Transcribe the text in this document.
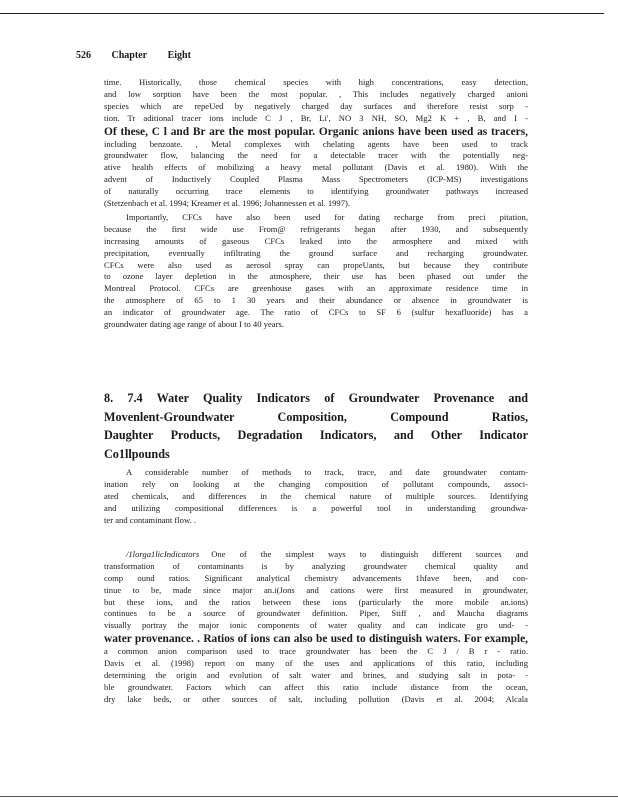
526 Chapter Eight
time. Historically, those chemical species with high concentrations, easy detection,
and low sorption have been the most popular. , This includes negatively charged anioni
species which are repeUed by negatively charged day surfaces and therefore resist sorp -
tion. Tr aditional tracer ions include C J , Br, Li', NO 3 NH, SO, Mg2 K + , B, and I -
Of these, C l and Br are the most popular. Organic anions have been used as tracers,
including benzoate. , Metal complexes with chelating agents have been used to track
groundwater flow, balancing the need for a detectable tracer with the potentially neg-
ative health effects of mobilizing a heavy metal pollutant (Davis et al. 1980). With the
advent of Inductively Coupled Plasma Mass Spectrometers (ICP-MS) investigations
of naturally occurring trace elements to identifying groundwater pathways increased
(Stetzenbach et al. 1994; Kreamer et al. 1996; Johannessen et al. 1997).
Importantly, CFCs have also been used for dating recharge from preci pitation,
because the first wide use From@ refrigerants began after 1930, and subsequently
increasing amounts of gaseous CFCs leaked into the armosphere and mixed with
precipitation, evenrually infiltrating the ground surface and recharging groundwater.
CFCs were also used as aerosol spray can propeUants, but because they contribute
to ozone layer depletion in the atmosphere, their use has been phased out under the
Montreal Protocol. CFCs are greenhouse gases with an approximate residence time in
the atmosphere of 65 to 1 30 years and their abundance or absence in groundwater is
an indicator of groundwater age. The ratio of CFCs to SF 6 (sulfur hexafluoride) has a
groundwater dating age range of about I to 40 years.
8. 7.4 Water Quality Indicators of Groundwater Provenance and
Movenlent-Groundwater Composition, Compound Ratios,
Daughter Products, Degradation Indicators, and Other Indicator
Co1llpounds
A considerable number of methods to track, trace, and date groundwater contam-
ination rely on looking at the changing composition of pollutant compounds, associ-
ated chemicals, and differences in the chemical nature of multiple sources. Identifying
and utilizing compositional differences is a powerful tool in understanding groundwa-
ter and contaminant flow. .
/1lorga1licIndicators One of the simplest ways to distinguish different sources and
transformation of contaminants is by analyzing groundwater chemical quality and
comp ound ratios. Significant analytical chemistry advancements 1hfave been, and con-
tinue to be, made since major an.i(Jons and cations were first measured in groundwater,
but these ions, and the ratios between these ions (particularly the more mobile an.ions)
continues to be a source of groundwater definition. Piper, Stiff , and Maucha diagrams
visually portray the major ionic components of water quality and can indicate gro und- -
water provenance. . Ratios of ions can also be used to distinguish waters. For example,
a common anion comparison used to trace groundwater has been the C J / B r - ratio.
Davis et al. (1998) report on many of the uses and applications of this ratio, including
determining the origin and evolution of salt water and brines, and studying salt in pota- -
ble groundwater. Factors which can affect this ratio include distance from the ocean,
dry lake beds, or other sources of salt, including pollution (Davis et al. 2004; Alcala
